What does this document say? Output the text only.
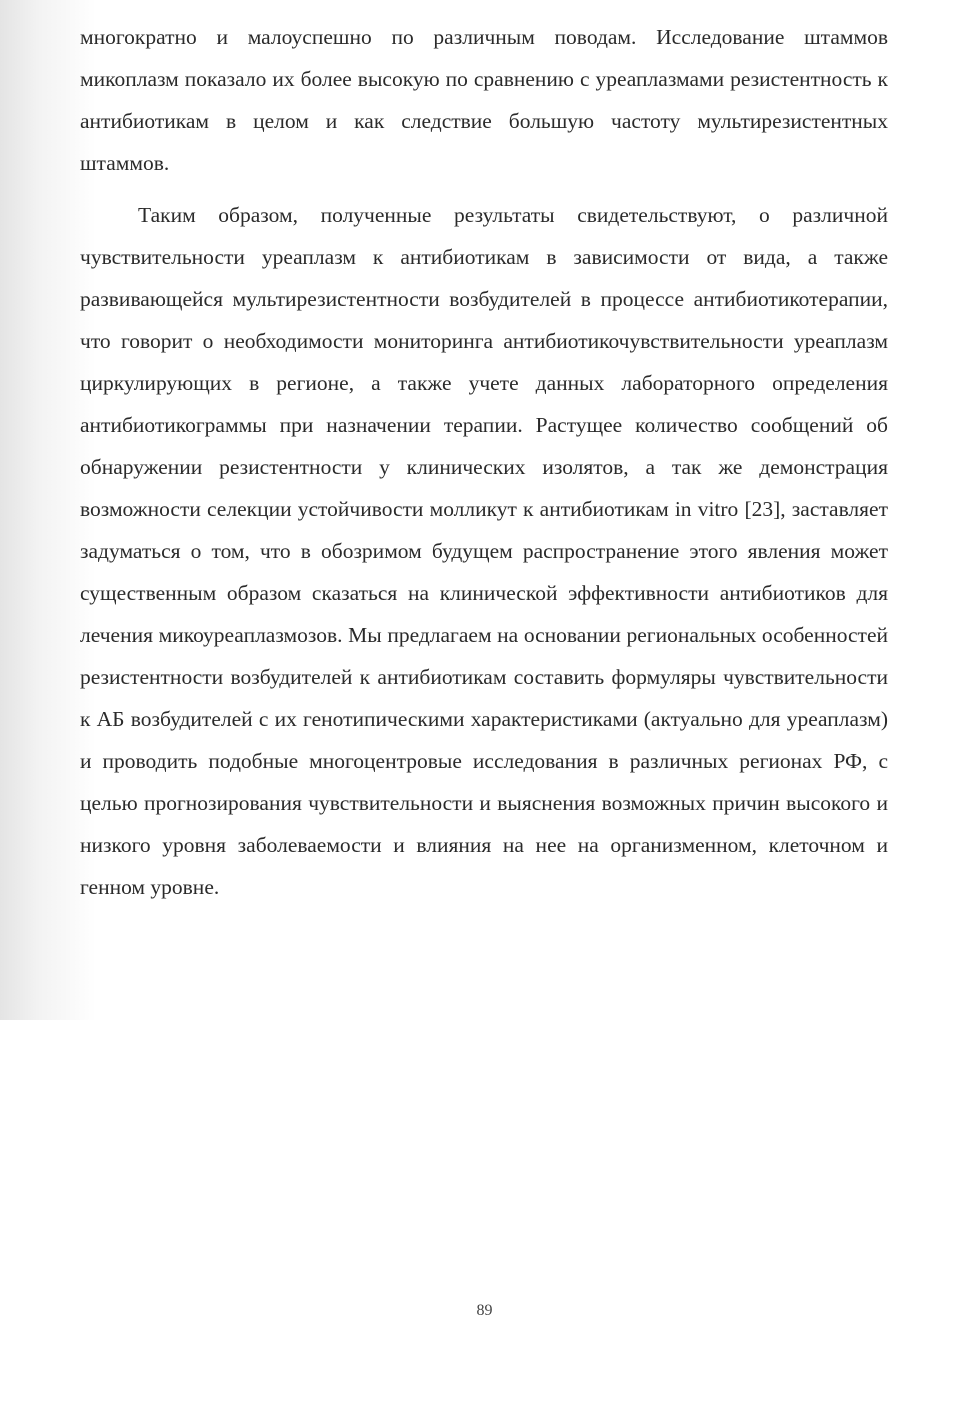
многократно и малоуспешно по различным поводам. Исследование штаммов микоплазм показало их более высокую по сравнению с уреаплазмами резистентность к антибиотикам в целом и как следствие большую частоту мультирезистентных штаммов.

Таким образом, полученные результаты свидетельствуют, о различной чувствительности уреаплазм к антибиотикам в зависимости от вида, а также развивающейся мультирезистентности возбудителей в процессе антибиотикотерапии, что говорит о необходимости мониторинга антибиотикочувствительности уреаплазм циркулирующих в регионе, а также учете данных лабораторного определения антибиотикограммы при назначении терапии. Растущее количество сообщений об обнаружении резистентности у клинических изолятов, а так же демонстрация возможности селекции устойчивости молликут к антибиотикам in vitro [23], заставляет задуматься о том, что в обозримом будущем распространение этого явления может существенным образом сказаться на клинической эффективности антибиотиков для лечения микоуреаплазмозов. Мы предлагаем на основании региональных особенностей резистентности возбудителей к антибиотикам составить формуляры чувствительности к АБ возбудителей с их генотипическими характеристиками (актуально для уреаплазм) и проводить подобные многоцентровые исследования в различных регионах РФ, с целью прогнозирования чувствительности и выяснения возможных причин высокого и низкого уровня заболеваемости и влияния на нее на организменном, клеточном и генном уровне.

89
